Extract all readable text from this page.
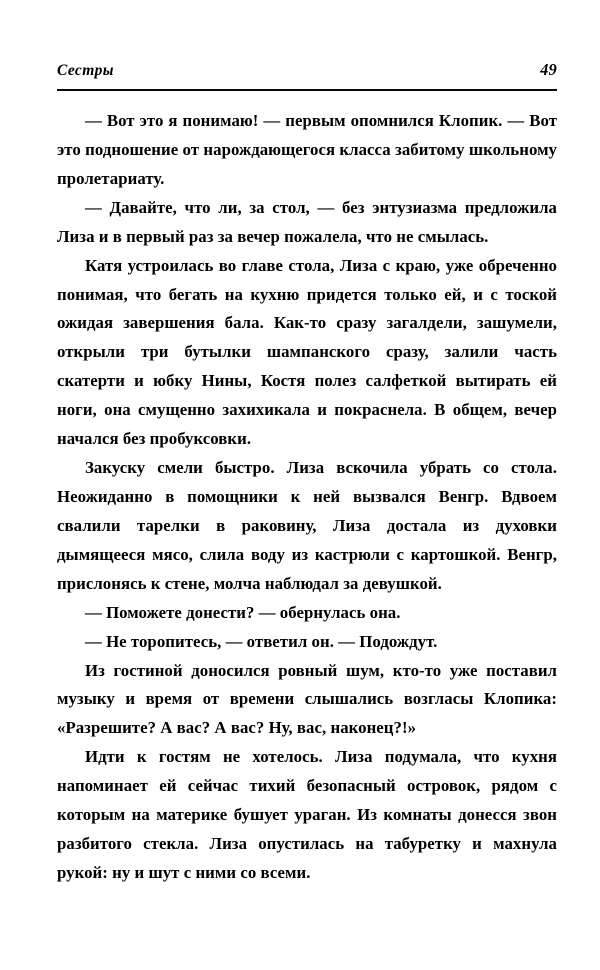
Сестры	49

— Вот это я понимаю! — первым опомнился Клопик. — Вот это подношение от нарождающегося класса забитому школьному пролетариату.

— Давайте, что ли, за стол, — без энтузиазма предложила Лиза и в первый раз за вечер пожалела, что не смылась.

Катя устроилась во главе стола, Лиза с краю, уже обреченно понимая, что бегать на кухню придется только ей, и с тоской ожидая завершения бала. Как-то сразу загалдели, зашумели, открыли три бутылки шампанского сразу, залили часть скатерти и юбку Нины, Костя полез салфеткой вытирать ей ноги, она смущенно захихикала и покраснела. В общем, вечер начался без пробуксовки.

Закуску смели быстро. Лиза вскочила убрать со стола. Неожиданно в помощники к ней вызвался Венгр. Вдвоем свалили тарелки в раковину, Лиза достала из духовки дымящееся мясо, слила воду из кастрюли с картошкой. Венгр, прислонясь к стене, молча наблюдал за девушкой.

— Поможете донести? — обернулась она.

— Не торопитесь, — ответил он. — Подождут.

Из гостиной доносился ровный шум, кто-то уже поставил музыку и время от времени слышались возгласы Клопика: «Разрешите? А вас? А вас? Ну, вас, наконец?!»

Идти к гостям не хотелось. Лиза подумала, что кухня напоминает ей сейчас тихий безопасный островок, рядом с которым на материке бушует ураган. Из комнаты донесся звон разбитого стекла. Лиза опустилась на табуретку и махнула рукой: ну и шут с ними со всеми.
